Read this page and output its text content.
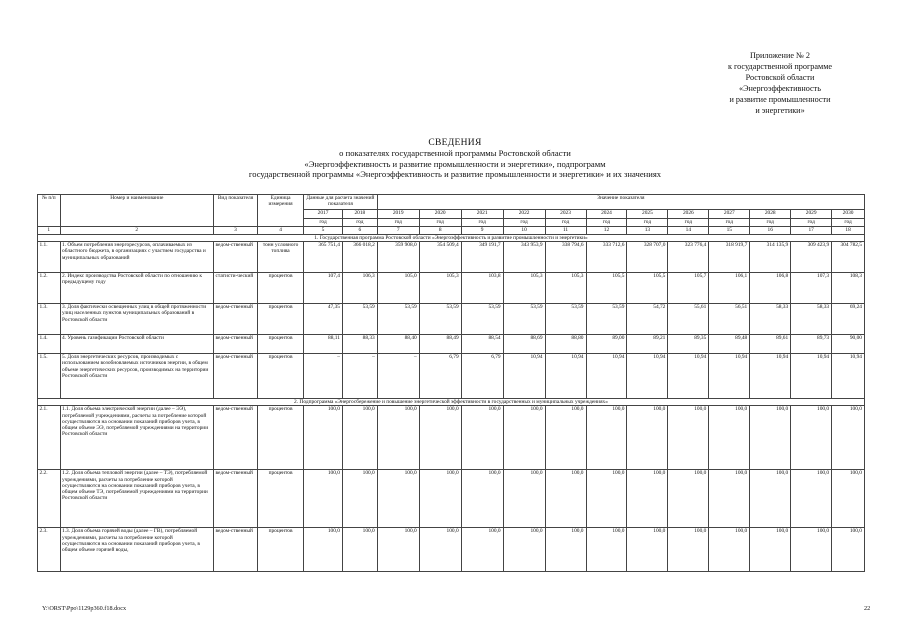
Приложение № 2
к государственной программе
Ростовской области
«Энергоэффективность
и развитие промышленности
и энергетики»
СВЕДЕНИЯ
о показателях государственной программы Ростовской области
«Энергоэффективность и развитие промышленности и энергетики», подпрограмм
государственной программы «Энергоэффективность и развитие промышленности и энергетики» и их значениях
№ п/п	Номер и наименование	Вид показателя	Единица измерения	Данные для расчета значений показателя		Значение показателя											
				2017	2018	2019	2020	2021	2022	2023	2024	2025	2026	2027	2028	2029	2030
				год	год	год	год	год	год	год	год	год	год	год	год	год	год
1	2	3	4	5	6	7	8	9	10	11	12	13	14	15	16	17	18
1. Государственная программа Ростовской области «Энергоэффективность и развитие промышленности и энергетики»																	
1.1.	1. Объем потребления энергоресурсов, оплачиваемых из областного бюджета, в организациях с участием государства и муниципальных образований	ведом-ственный	тонн условного топлива	365 751,4	366 018,2	359 908,0	354 509,4	349 191,7	343 953,9	338 794,6	333 712,6	328 707,0	323 776,4	318 919,7	314 135,9	309 423,9	304 782,5
1.2.	2. Индекс производства Ростовской области по отношению к предыдущему году	статисти-ческий	процентов	107,4	106,3	105,0	105,3	103,8	105,3	105,3	105,5	105,5	105,7	106,1	106,8	107,3	108,3
1.3.	3. Доля фактически освещенных улиц в общей протяженности улиц населенных пунктов муниципальных образований в Ростовской области	ведом-ственный	процентов	47,35	53,59	53,59	53,59	53,59	53,59	53,59	53,59	54,72	55,61	56,51	58,33	58,33	69,24
1.4.	4. Уровень газификации Ростовской области	ведом-ственный	процентов	88,11	88,33	88,40	88,49	88,54	88,69	88,80	89,00	89,21	89,35	89,48	89,61	89,73	90,00
1.5.	5. Доля энергетических ресурсов, производимых с использованием возобновляемых источников энергии, в общем объеме энергетических ресурсов, производимых на территории Ростовской области	ведом-ственный	процентов	–	–	–	6,79	6,79	10,94	10,94	10,94	10,94	10,94	10,94	10,94	10,94	10,94
2. Подпрограмма «Энергосбережение и повышение энергетической эффективности в государственных и муниципальных учреждениях»																	
2.1.	1.1. Доля объема электрической энергии (далее – ЭЭ), потребляемой учреждениями, расчеты за потребление которой осуществляются на основании показаний приборов учета, в общем объеме ЭЭ, потребляемой учреждениями на территории Ростовской области	ведом-ственный	процентов	100,0	100,0	100,0	100,0	100,0	100,0	100,0	100,0	100,0	100,0	100,0	100,0	100,0	100,0
2.2.	1.2. Доля объема тепловой энергии (далее – ТЭ), потребляемой учреждениями, расчеты за потребление которой осуществляются на основании показаний приборов учета, в общем объеме ТЭ, потребляемой учреждениями на территории Ростовской области	ведом-ственный	процентов	100,0	100,0	100,0	100,0	100,0	100,0	100,0	100,0	100,0	100,0	100,0	100,0	100,0	100,0
2.3.	1.3. Доля объема горячей воды (далее – ГВ), потребляемой учреждениями, расчеты за потребление которой осуществляются на основании показаний приборов учета, в общем объеме горячей воды,	ведом-ственный	процентов	100,0	100,0	100,0	100,0	100,0	100,0	100,0	100,0	100,0	100,0	100,0	100,0	100,0	100,0
Y:\ORST\Ppo\1129p360.f18.docx	22
